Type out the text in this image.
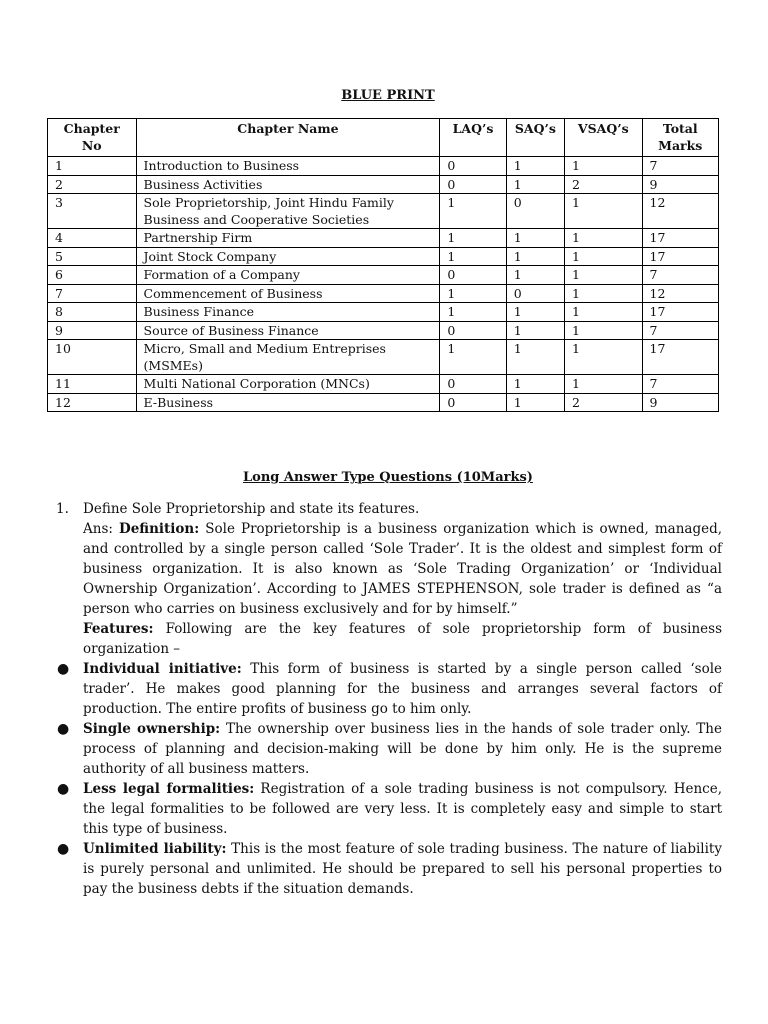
BLUE PRINT
Chapter No	Chapter Name	LAQ’s	SAQ’s	VSAQ’s	Total Marks
1	Introduction to Business	0	1	1	7
2	Business Activities	0	1	2	9
3	Sole Proprietorship, Joint Hindu Family Business and Cooperative Societies	1	0	1	12
4	Partnership Firm	1	1	1	17
5	Joint Stock Company	1	1	1	17
6	Formation of a Company	0	1	1	7
7	Commencement of Business	1	0	1	12
8	Business Finance	1	1	1	17
9	Source of Business Finance	0	1	1	7
10	Micro, Small and Medium Entreprises (MSMEs)	1	1	1	17
11	Multi National Corporation (MNCs)	0	1	1	7
12	E-Business	0	1	2	9
Long Answer Type Questions (10Marks)
1. Define Sole Proprietorship and state its features.
Ans: Definition: Sole Proprietorship is a business organization which is owned, managed, and controlled by a single person called ‘Sole Trader’. It is the oldest and simplest form of business organization. It is also known as ‘Sole Trading Organization’ or ‘Individual Ownership Organization’. According to JAMES STEPHENSON, sole trader is defined as “a person who carries on business exclusively and for by himself.”
Features: Following are the key features of sole proprietorship form of business organization –
● Individual initiative: This form of business is started by a single person called ‘sole trader’. He makes good planning for the business and arranges several factors of production. The entire profits of business go to him only.
● Single ownership: The ownership over business lies in the hands of sole trader only. The process of planning and decision-making will be done by him only. He is the supreme authority of all business matters.
● Less legal formalities: Registration of a sole trading business is not compulsory. Hence, the legal formalities to be followed are very less. It is completely easy and simple to start this type of business.
● Unlimited liability: This is the most feature of sole trading business. The nature of liability is purely personal and unlimited. He should be prepared to sell his personal properties to pay the business debts if the situation demands.
